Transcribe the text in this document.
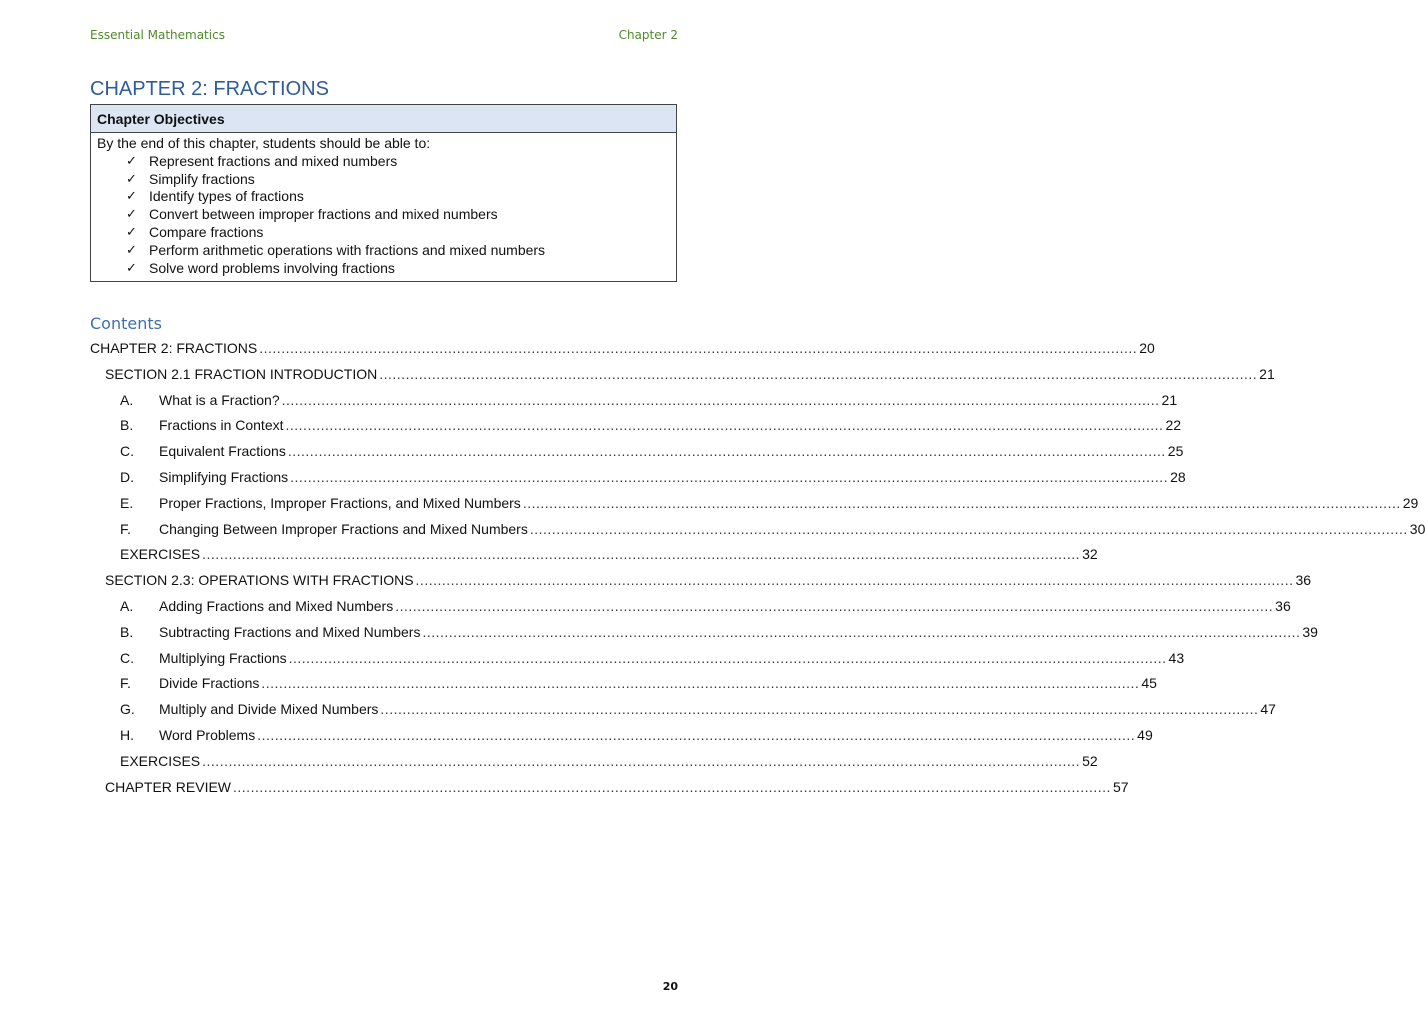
Essential Mathematics	Chapter 2
CHAPTER 2: FRACTIONS
Chapter Objectives
By the end of this chapter, students should be able to:
✓ Represent fractions and mixed numbers
✓ Simplify fractions
✓ Identify types of fractions
✓ Convert between improper fractions and mixed numbers
✓ Compare fractions
✓ Perform arithmetic operations with fractions and mixed numbers
✓ Solve word problems involving fractions
Contents
CHAPTER 2: FRACTIONS ........................................................................................................................................................................................................ 20
SECTION 2.1 FRACTION INTRODUCTION ........................................................................................................................................................................................................ 21
A.	What is a Fraction? ........................................................................................................................................................................................................ 21
B.	Fractions in Context ........................................................................................................................................................................................................ 22
C.	Equivalent Fractions ........................................................................................................................................................................................................ 25
D.	Simplifying Fractions ........................................................................................................................................................................................................ 28
E.	Proper Fractions, Improper Fractions, and Mixed Numbers ........................................................................................................................................................................................................ 29
F.	Changing Between Improper Fractions and Mixed Numbers ........................................................................................................................................................................................................ 30
EXERCISES ........................................................................................................................................................................................................ 32
SECTION 2.3: OPERATIONS WITH FRACTIONS ........................................................................................................................................................................................................ 36
A.	Adding Fractions and Mixed Numbers ........................................................................................................................................................................................................ 36
B.	Subtracting Fractions and Mixed Numbers ........................................................................................................................................................................................................ 39
C.	Multiplying Fractions ........................................................................................................................................................................................................ 43
F.	Divide Fractions ........................................................................................................................................................................................................ 45
G.	Multiply and Divide Mixed Numbers ........................................................................................................................................................................................................ 47
H.	Word Problems ........................................................................................................................................................................................................ 49
EXERCISES ........................................................................................................................................................................................................ 52
CHAPTER REVIEW ........................................................................................................................................................................................................ 57
20
